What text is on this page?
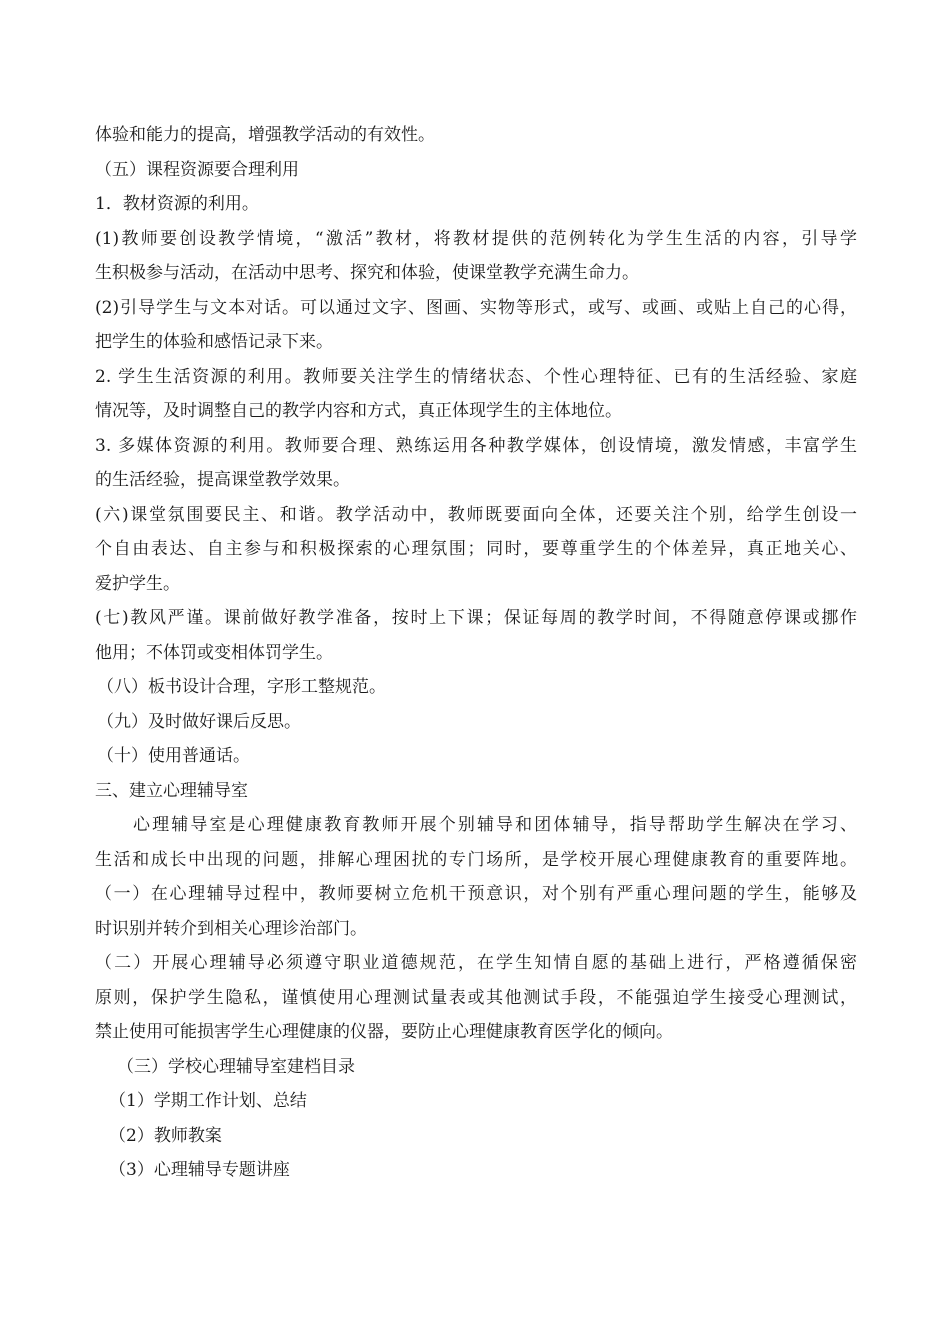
体验和能力的提高，增强教学活动的有效性。

（五）课程资源要合理利用

1．教材资源的利用。

(1)教师要创设教学情境，“激活”教材，将教材提供的范例转化为学生生活的内容，引导学

生积极参与活动，在活动中思考、探究和体验，使课堂教学充满生命力。

(2)引导学生与文本对话。可以通过文字、图画、实物等形式，或写、或画、或贴上自己的心得，

把学生的体验和感悟记录下来。

2. 学生生活资源的利用。教师要关注学生的情绪状态、个性心理特征、已有的生活经验、家庭

情况等，及时调整自己的教学内容和方式，真正体现学生的主体地位。

3. 多媒体资源的利用。教师要合理、熟练运用各种教学媒体，创设情境，激发情感，丰富学生

的生活经验，提高课堂教学效果。

(六)课堂氛围要民主、和谐。教学活动中，教师既要面向全体，还要关注个别，给学生创设一

个自由表达、自主参与和积极探索的心理氛围；同时，要尊重学生的个体差异，真正地关心、

爱护学生。

(七)教风严谨。课前做好教学准备，按时上下课；保证每周的教学时间，不得随意停课或挪作

他用；不体罚或变相体罚学生。

（八）板书设计合理，字形工整规范。

（九）及时做好课后反思。

（十）使用普通话。

三、建立心理辅导室

心理辅导室是心理健康教育教师开展个别辅导和团体辅导，指导帮助学生解决在学习、

生活和成长中出现的问题，排解心理困扰的专门场所，是学校开展心理健康教育的重要阵地。

（一）在心理辅导过程中，教师要树立危机干预意识，对个别有严重心理问题的学生，能够及

时识别并转介到相关心理诊治部门。

（二）开展心理辅导必须遵守职业道德规范，在学生知情自愿的基础上进行，严格遵循保密

原则，保护学生隐私，谨慎使用心理测试量表或其他测试手段，不能强迫学生接受心理测试，

禁止使用可能损害学生心理健康的仪器，要防止心理健康教育医学化的倾向。

（三）学校心理辅导室建档目录

（1）学期工作计划、总结

（2）教师教案

（3）心理辅导专题讲座
